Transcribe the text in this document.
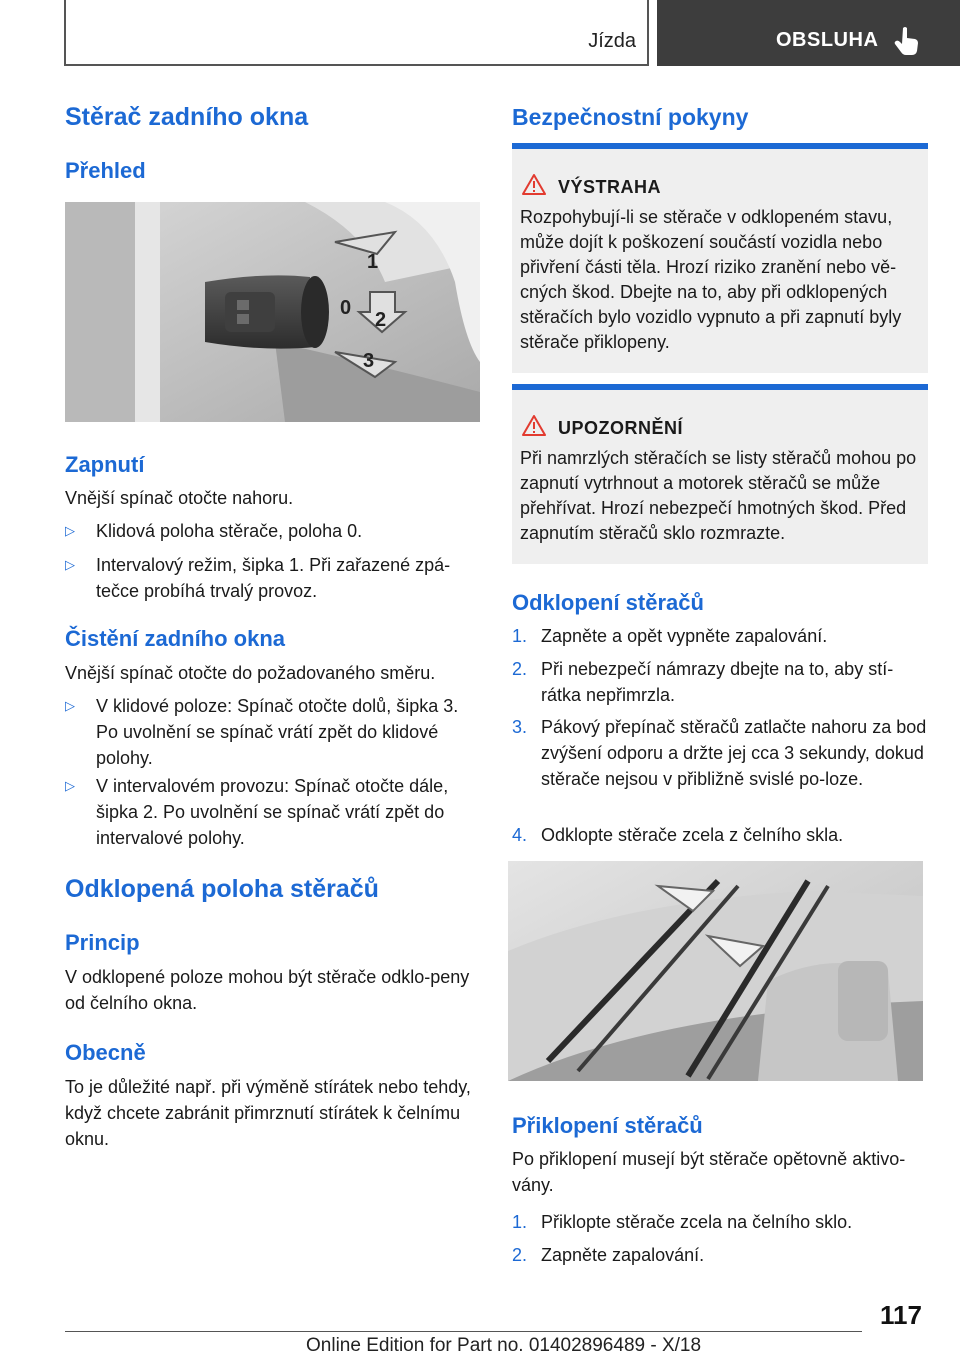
Jízda	OBSLUHA
Stěrač zadního okna
Přehled
1
0
2
3
Zapnutí
Vnější spínač otočte nahoru.
▷ Klidová poloha stěrače, poloha 0.
▷ Intervalový režim, šipka 1. Při zařazené zpá‐tečce probíhá trvalý provoz.
Čistění zadního okna
Vnější spínač otočte do požadovaného směru.
▷ V klidové poloze: Spínač otočte dolů, šipka 3. Po uvolnění se spínač vrátí zpět do klidové polohy.
▷ V intervalovém provozu: Spínač otočte dále, šipka 2. Po uvolnění se spínač vrátí zpět do intervalové polohy.
Odklopená poloha stěračů
Princip
V odklopené poloze mohou být stěrače odklo‐peny od čelního okna.
Obecně
To je důležité např. při výměně stírátek nebo tehdy, když chcete zabránit přimrznutí stírátek k čelnímu oknu.
Bezpečnostní pokyny
VÝSTRAHA
Rozpohybují-li se stěrače v odklopeném stavu, může dojít k poškození součástí vozidla nebo přivření části těla. Hrozí riziko zranění nebo vě‐cných škod. Dbejte na to, aby při odklopených stěračích bylo vozidlo vypnuto a při zapnutí byly stěrače přiklopeny.
UPOZORNĚNÍ
Při namrzlých stěračích se listy stěračů mohou po zapnutí vytrhnout a motorek stěračů se může přehřívat. Hrozí nebezpečí hmotných škod. Před zapnutím stěračů sklo rozmrazte.
Odklopení stěračů
1. Zapněte a opět vypněte zapalování.
2. Při nebezpečí námrazy dbejte na to, aby stí‐rátka nepřimrzla.
3. Pákový přepínač stěračů zatlačte nahoru za bod zvýšení odporu a držte jej cca 3 sekundy, dokud stěrače nejsou v přibližně svislé po‐loze.
4. Odklopte stěrače zcela z čelního skla.
Přiklopení stěračů
Po přiklopení musejí být stěrače opětovně aktivo‐vány.
1. Přiklopte stěrače zcela na čelního sklo.
2. Zapněte zapalování.
117
Online Edition for Part no. 01402896489 - X/18
